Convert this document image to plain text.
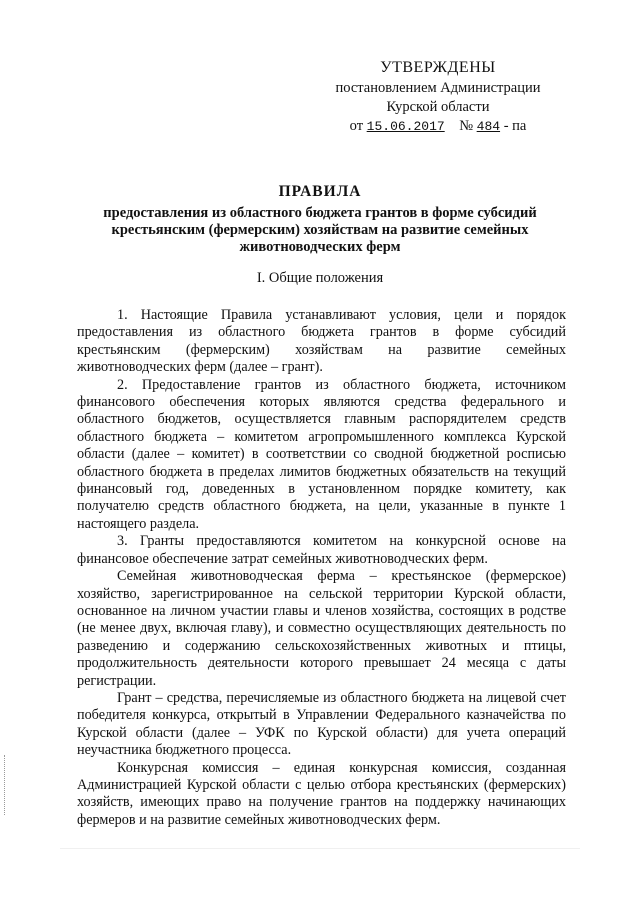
УТВЕРЖДЕНЫ
постановлением Администрации
Курской области
от 15.06.2017 № 484 - па
ПРАВИЛА
предоставления из областного бюджета грантов в форме субсидий
крестьянским (фермерским) хозяйствам на развитие семейных
животноводческих ферм
I. Общие положения

1. Настоящие Правила устанавливают условия, цели и порядок предоставления из областного бюджета грантов в форме субсидий крестьянским (фермерским) хозяйствам на развитие семейных животноводческих ферм (далее – грант).

2. Предоставление грантов из областного бюджета, источником финансового обеспечения которых являются средства федерального и областного бюджетов, осуществляется главным распорядителем средств областного бюджета – комитетом агропромышленного комплекса Курской области (далее – комитет) в соответствии со сводной бюджетной росписью областного бюджета в пределах лимитов бюджетных обязательств на текущий финансовый год, доведенных в установленном порядке комитету, как получателю средств областного бюджета, на цели, указанные в пункте 1 настоящего раздела.

3. Гранты предоставляются комитетом на конкурсной основе на финансовое обеспечение затрат семейных животноводческих ферм.

Семейная животноводческая ферма – крестьянское (фермерское) хозяйство, зарегистрированное на сельской территории Курской области, основанное на личном участии главы и членов хозяйства, состоящих в родстве (не менее двух, включая главу), и совместно осуществляющих деятельность по разведению и содержанию сельскохозяйственных животных и птицы, продолжительность деятельности которого превышает 24 месяца с даты регистрации.

Грант – средства, перечисляемые из областного бюджета на лицевой счет победителя конкурса, открытый в Управлении Федерального казначейства по Курской области (далее – УФК по Курской области) для учета операций неучастника бюджетного процесса.

Конкурсная комиссия – единая конкурсная комиссия, созданная Администрацией Курской области с целью отбора крестьянских (фермерских) хозяйств, имеющих право на получение грантов на поддержку начинающих фермеров и на развитие семейных животноводческих ферм.
